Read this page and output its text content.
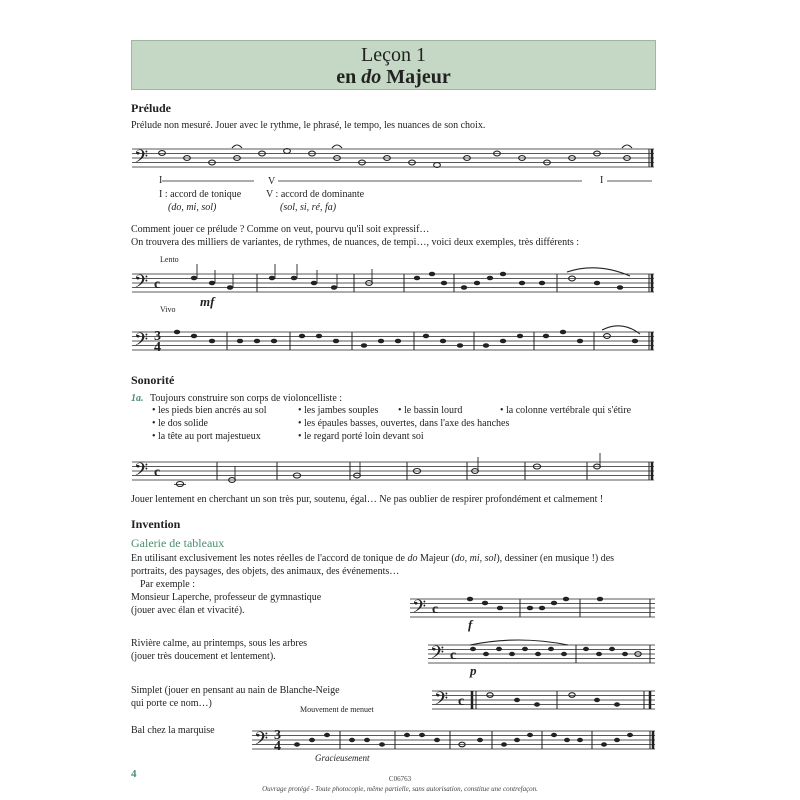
Leçon 1
en do Majeur
Prélude
Prélude non mesuré. Jouer avec le rythme, le phrasé, le tempo, les nuances de son choix.
𝄢
I	V	I
I : accord de tonique
(do, mi, sol)
V : accord de dominante
(sol, si, ré, fa)
Comment jouer ce prélude ? Comme on veut, pourvu qu'il soit expressif…
On trouvera des milliers de variantes, de rythmes, de nuances, de tempi…, voici deux exemples, très différents :
Lento
𝄢 c
mf
Vivo
𝄢 3
4
Sonorité
1a. Toujours construire son corps de violoncelliste :
• les pieds bien ancrés au sol	• les jambes souples • le bassin lourd	• la colonne vertébrale qui s'étire
• le dos solide	• les épaules basses, ouvertes, dans l'axe des hanches
• la tête au port majestueux	• le regard porté loin devant soi
𝄢 c
Jouer lentement en cherchant un son très pur, soutenu, égal… Ne pas oublier de respirer profondément et calmement !
Invention
Galerie de tableaux
En utilisant exclusivement les notes réelles de l'accord de tonique de do Majeur (do, mi, sol), dessiner (en musique !) des
portraits, des paysages, des objets, des animaux, des événements…
Par exemple :
Monsieur Laperche, professeur de gymnastique
(jouer avec élan et vivacité).
Rivière calme, au printemps, sous les arbres
(jouer très doucement et lentement).
Simplet (jouer en pensant au nain de Blanche-Neige
qui porte ce nom…)
Bal chez la marquise
𝄢 c
f
𝄢 c
p
𝄢 c
Mouvement de menuet
𝄢 3
4
Gracieusement
4	C06763
Ouvrage protégé - Toute photocopie, même partielle, sans autorisation, constitue une contrefaçon.
